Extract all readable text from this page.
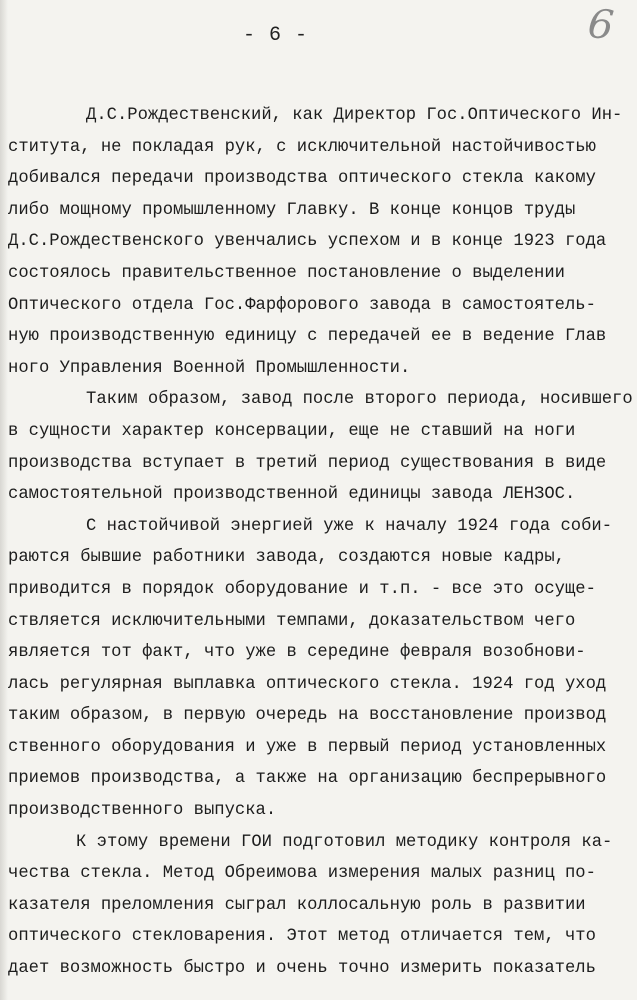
- 6 -	6
Д.С.Рождественский, как Директор Гос.Оптического Ин-
ститута, не покладая рук, с исключительной настойчивостью
добивался передачи производства оптического стекла какому
либо мощному промышленному Главку. В конце концов труды
Д.С.Рождественского увенчались успехом и в конце 1923 года
состоялось правительственное постановление о выделении
Оптического отдела Гос.Фарфорового завода в самостоятель-
ную производственную единицу с передачей ее в ведение Глав
ного Управления Военной Промышленности.
Таким образом, завод после второго периода, носившего
в сущности характер консервации, еще не ставший на ноги
производства вступает в третий период существования в виде
самостоятельной производственной единицы завода ЛЕНЗОС.
С настойчивой энергией уже к началу 1924 года соби-
раются бывшие работники завода, создаются новые кадры,
приводится в порядок оборудование и т.п. - все это осуще-
ствляется исключительными темпами, доказательством чего
является тот факт, что уже в середине февраля возобнови-
лась регулярная выплавка оптического стекла. 1924 год уход
таким образом, в первую очередь на восстановление производ
ственного оборудования и уже в первый период установленных
приемов производства, а также на организацию беспрерывного
производственного выпуска.
К этому времени ГОИ подготовил методику контроля ка-
чества стекла. Метод Обреимова измерения малых разниц по-
казателя преломления сыграл коллосальную роль в развитии
оптического стекловарения. Этот метод отличается тем, что
дает возможность быстро и очень точно измерить показатель
